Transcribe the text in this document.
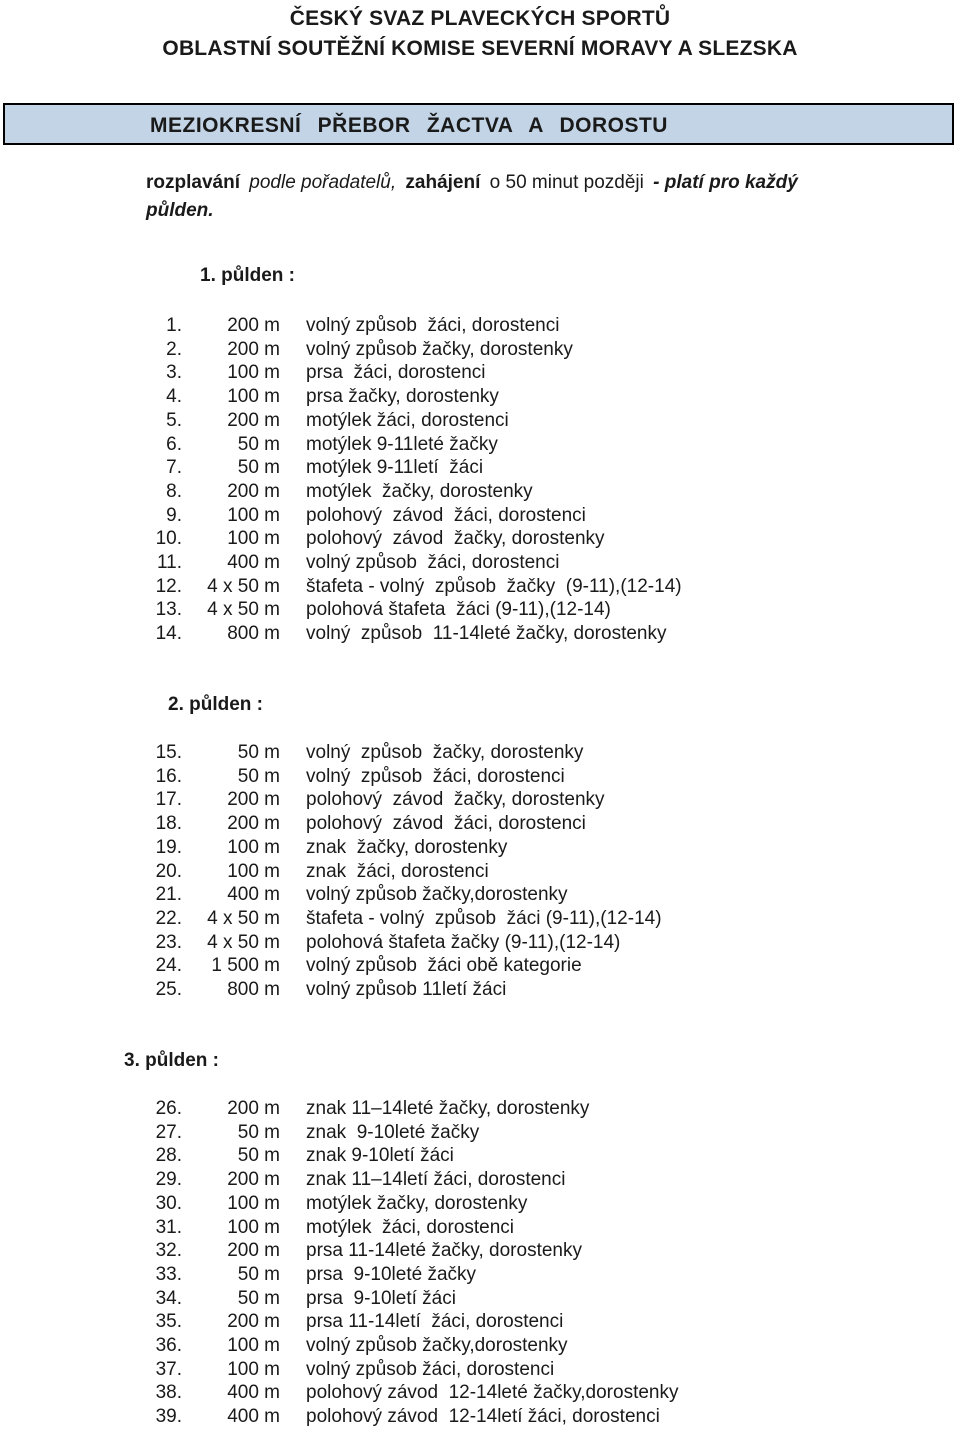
ČESKÝ SVAZ PLAVECKÝCH SPORTŮ
OBLASTNÍ SOUTĚŽNÍ KOMISE SEVERNÍ MORAVY A SLEZSKA
MEZIOKRESNÍ PŘEBOR ŽACTVA A DOROSTU
rozplavání podle pořadatelů, zahájení o 50 minut později - platí pro každý
půlden.
1. půlden :
1.	200 m volný způsob  žáci, dorostenci
2.	200 m volný způsob žačky, dorostenky
3.	100 m prsa  žáci, dorostenci
4.	100 m prsa žačky, dorostenky
5.	200 m motýlek žáci, dorostenci
6.	50 m motýlek 9-11leté žačky
7.	50 m motýlek 9-11letí  žáci
8.	200 m motýlek  žačky, dorostenky
9.	100 m polohový  závod  žáci, dorostenci
10.	100 m polohový  závod  žačky, dorostenky
11.	400 m volný způsob  žáci, dorostenci
12.	4 x 50 m štafeta - volný  způsob  žačky  (9-11),(12-14)
13.	4 x 50 m polohová štafeta  žáci (9-11),(12-14)
14.	800 m volný  způsob  11-14leté žačky, dorostenky
2. půlden :
15.	50 m volný  způsob  žačky, dorostenky
16.	50 m volný  způsob  žáci, dorostenci
17.	200 m polohový  závod  žačky, dorostenky
18.	200 m polohový  závod  žáci, dorostenci
19.	100 m znak  žačky, dorostenky
20.	100 m znak  žáci, dorostenci
21.	400 m volný způsob žačky,dorostenky
22.	4 x 50 m štafeta - volný  způsob  žáci (9-11),(12-14)
23.	4 x 50 m polohová štafeta žačky (9-11),(12-14)
24.	1 500 m volný způsob  žáci obě kategorie
25.	800 m volný způsob 11letí žáci
3. půlden :
26.	200 m znak 11–14leté žačky, dorostenky
27.	50 m znak  9-10leté žačky
28.	50 m znak 9-10letí žáci
29.	200 m znak 11–14letí žáci, dorostenci
30.	100 m motýlek žačky, dorostenky
31.	100 m motýlek  žáci, dorostenci
32.	200 m prsa 11-14leté žačky, dorostenky
33.	50 m prsa  9-10leté žačky
34.	50 m prsa  9-10letí žáci
35.	200 m prsa 11-14letí  žáci, dorostenci
36.	100 m volný způsob žačky,dorostenky
37.	100 m volný způsob žáci, dorostenci
38.	400 m polohový závod  12-14leté žačky,dorostenky
39.	400 m polohový závod  12-14letí žáci, dorostenci
